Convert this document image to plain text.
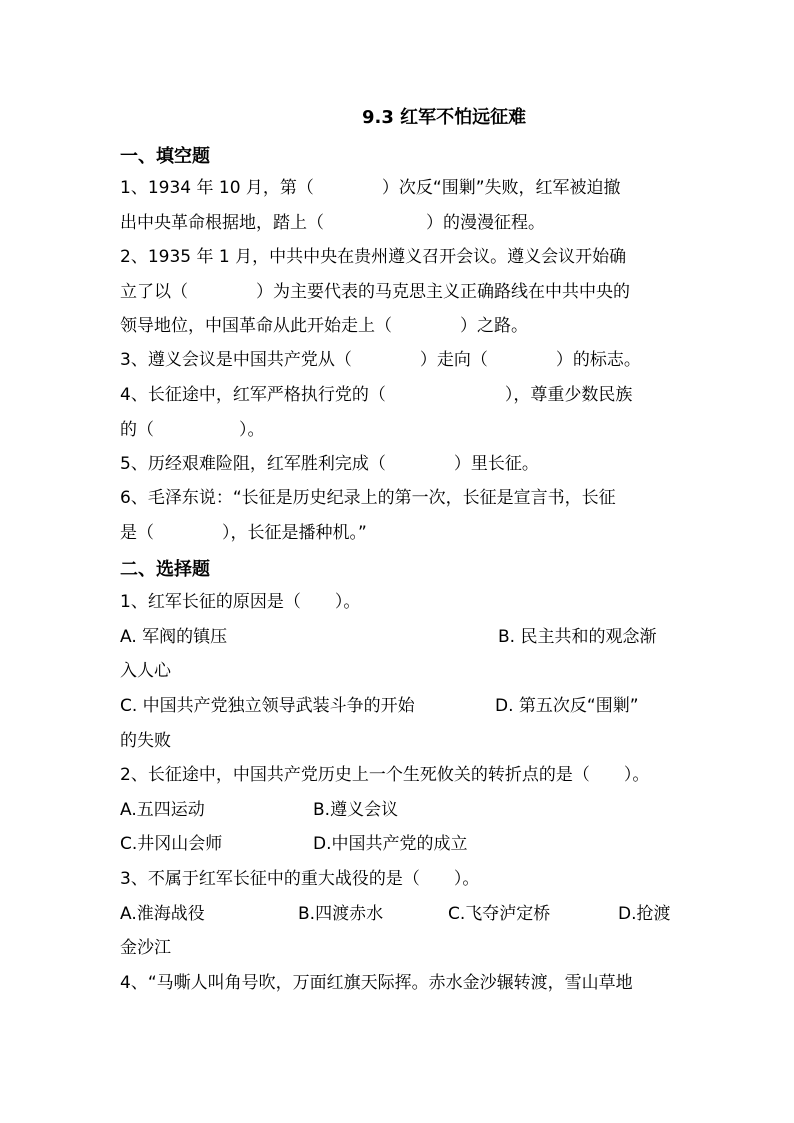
9.3 红军不怕远征难
一、填空题
1、1934 年 10 月，第（　　　　）次反“围剿”失败，红军被迫撤
出中央革命根据地，踏上（　　　　　　）的漫漫征程。
2、1935 年 1 月，中共中央在贵州遵义召开会议。遵义会议开始确
立了以（　　　　）为主要代表的马克思主义正确路线在中共中央的
领导地位，中国革命从此开始走上（　　　　）之路。
3、遵义会议是中国共产党从（　　　　）走向（　　　　）的标志。
4、长征途中，红军严格执行党的（　　　　　　　），尊重少数民族
的（　　　　　）。
5、历经艰难险阻，红军胜利完成（　　　　）里长征。
6、毛泽东说：“长征是历史纪录上的第一次，长征是宣言书，长征
是（　　　　），长征是播种机。”
二、选择题
1、红军长征的原因是（　　）。
A. 军阀的镇压	B. 民主共和的观念渐
入人心
C. 中国共产党独立领导武装斗争的开始	D. 第五次反“围剿”
的失败
2、长征途中，中国共产党历史上一个生死攸关的转折点的是（　　）。
A.五四运动	B.遵义会议
C.井冈山会师	D.中国共产党的成立
3、不属于红军长征中的重大战役的是（　　）。
A.淮海战役	B.四渡赤水	C.飞夺泸定桥	D.抢渡
金沙江
4、“马嘶人叫角号吹，万面红旗天际挥。赤水金沙辗转渡，雪山草地
